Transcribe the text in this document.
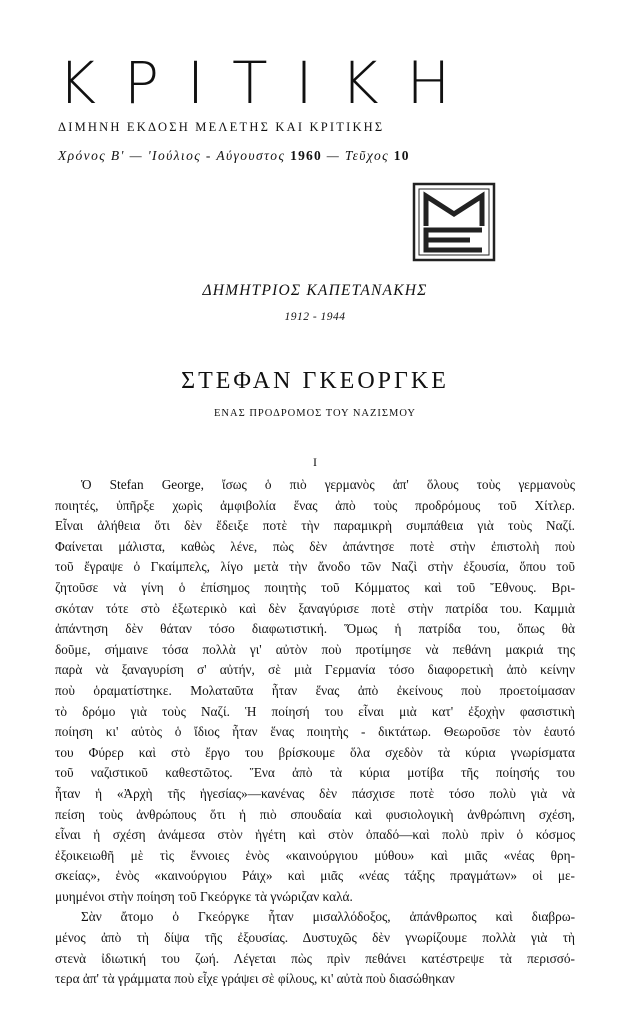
ΚΡΙΤΙΚΗ
ΔΙΜΗΝΗ ΕΚΔΟΣΗ ΜΕΛΕΤΗΣ ΚΑΙ ΚΡΙΤΙΚΗΣ
Χρόνος Β' — 'Ιούλιος - Αύγουστος 1960 — Τεῦχος 10
ΔΗΜΗΤΡΙΟΣ ΚΑΠΕΤΑΝΑΚΗΣ
1912 - 1944
ΣΤΕΦΑΝ ΓΚΕΟΡΓΚΕ
ΕΝΑΣ ΠΡΟΔΡΟΜΟΣ ΤΟΥ ΝΑΖΙΣΜΟΥ
Ι
Ὁ Stefan George, ἴσως ὁ πιὸ γερμανὸς ἀπ' ὅλους τοὺς γερμανοὺς
ποιητές, ὑπῆρξε χωρὶς ἀμφιβολία ἕνας ἀπὸ τοὺς προδρόμους τοῦ Χίτλερ.
Εἶναι ἀλήθεια ὅτι δὲν ἔδειξε ποτὲ τὴν παραμικρὴ συμπάθεια γιὰ τοὺς Ναζί.
Φαίνεται μάλιστα, καθὼς λένε, πὼς δὲν ἀπάντησε ποτὲ στὴν ἐπιστολὴ ποὺ
τοῦ ἔγραψε ὁ Γκαίμπελς, λίγο μετὰ τὴν ἄνοδο τῶν Ναζὶ στὴν ἐξουσία, ὅπου τοῦ
ζητοῦσε νὰ γίνη ὁ ἐπίσημος ποιητὴς τοῦ Κόμματος καὶ τοῦ Ἔθνους. Βρι-
σκόταν τότε στὸ ἐξωτερικὸ καὶ δὲν ξαναγύρισε ποτὲ στὴν πατρίδα του. Καμμιὰ
ἀπάντηση δὲν θάταν τόσο διαφωτιστική. Ὅμως ἡ πατρίδα του, ὅπως θὰ
δοῦμε, σήμαινε τόσα πολλὰ γι' αὐτὸν ποὺ προτίμησε νὰ πεθάνη μακριά της
παρὰ νὰ ξαναγυρίση σ' αὐτήν, σὲ μιὰ Γερμανία τόσο διαφορετικὴ ἀπὸ κείνην
ποὺ ὁραματίστηκε. Μολαταῦτα ἦταν ἕνας ἀπὸ ἐκείνους ποὺ προετοίμασαν
τὸ δρόμο γιὰ τοὺς Ναζί. Ἡ ποίησή του εἶναι μιὰ κατ' ἐξοχὴν φασιστικὴ
ποίηση κι' αὐτὸς ὁ ἴδιος ἦταν ἕνας ποιητὴς - δικτάτωρ. Θεωροῦσε τὸν ἑαυτό
του Φύρερ καὶ στὸ ἔργο του βρίσκουμε ὅλα σχεδὸν τὰ κύρια γνωρίσματα
τοῦ ναζιστικοῦ καθεστῶτος. Ἕνα ἀπὸ τὰ κύρια μοτίβα τῆς ποίησής του
ἦταν ἡ «Ἀρχὴ τῆς ἡγεσίας»—κανένας δὲν πάσχισε ποτὲ τόσο πολὺ γιὰ νὰ
πείση τοὺς ἀνθρώπους ὅτι ἡ πιὸ σπουδαία καὶ φυσιολογικὴ ἀνθρώπινη σχέση,
εἶναι ἡ σχέση ἀνάμεσα στὸν ἡγέτη καὶ στὸν ὀπαδό—καὶ πολὺ πρὶν ὁ κόσμος
ἐξοικειωθῆ μὲ τὶς ἔννοιες ἑνὸς «καινούργιου μύθου» καὶ μιᾶς «νέας θρη-
σκείας», ἑνὸς «καινούργιου Ράιχ» καὶ μιᾶς «νέας τάξης πραγμάτων» οἱ με-
μυημένοι στὴν ποίηση τοῦ Γκεόργκε τὰ γνώριζαν καλά.
Σὰν ἄτομο ὁ Γκεόργκε ἦταν μισαλλόδοξος, ἀπάνθρωπος καὶ διαβρω-
μένος ἀπὸ τὴ δίψα τῆς ἐξουσίας. Δυστυχῶς δὲν γνωρίζουμε πολλὰ γιὰ τὴ
στενὰ ἰδιωτική του ζωή. Λέγεται πὼς πρὶν πεθάνει κατέστρεψε τὰ περισσό-
τερα ἀπ' τὰ γράμματα ποὺ εἶχε γράψει σὲ φίλους, κι' αὐτὰ ποὺ διασώθηκαν
